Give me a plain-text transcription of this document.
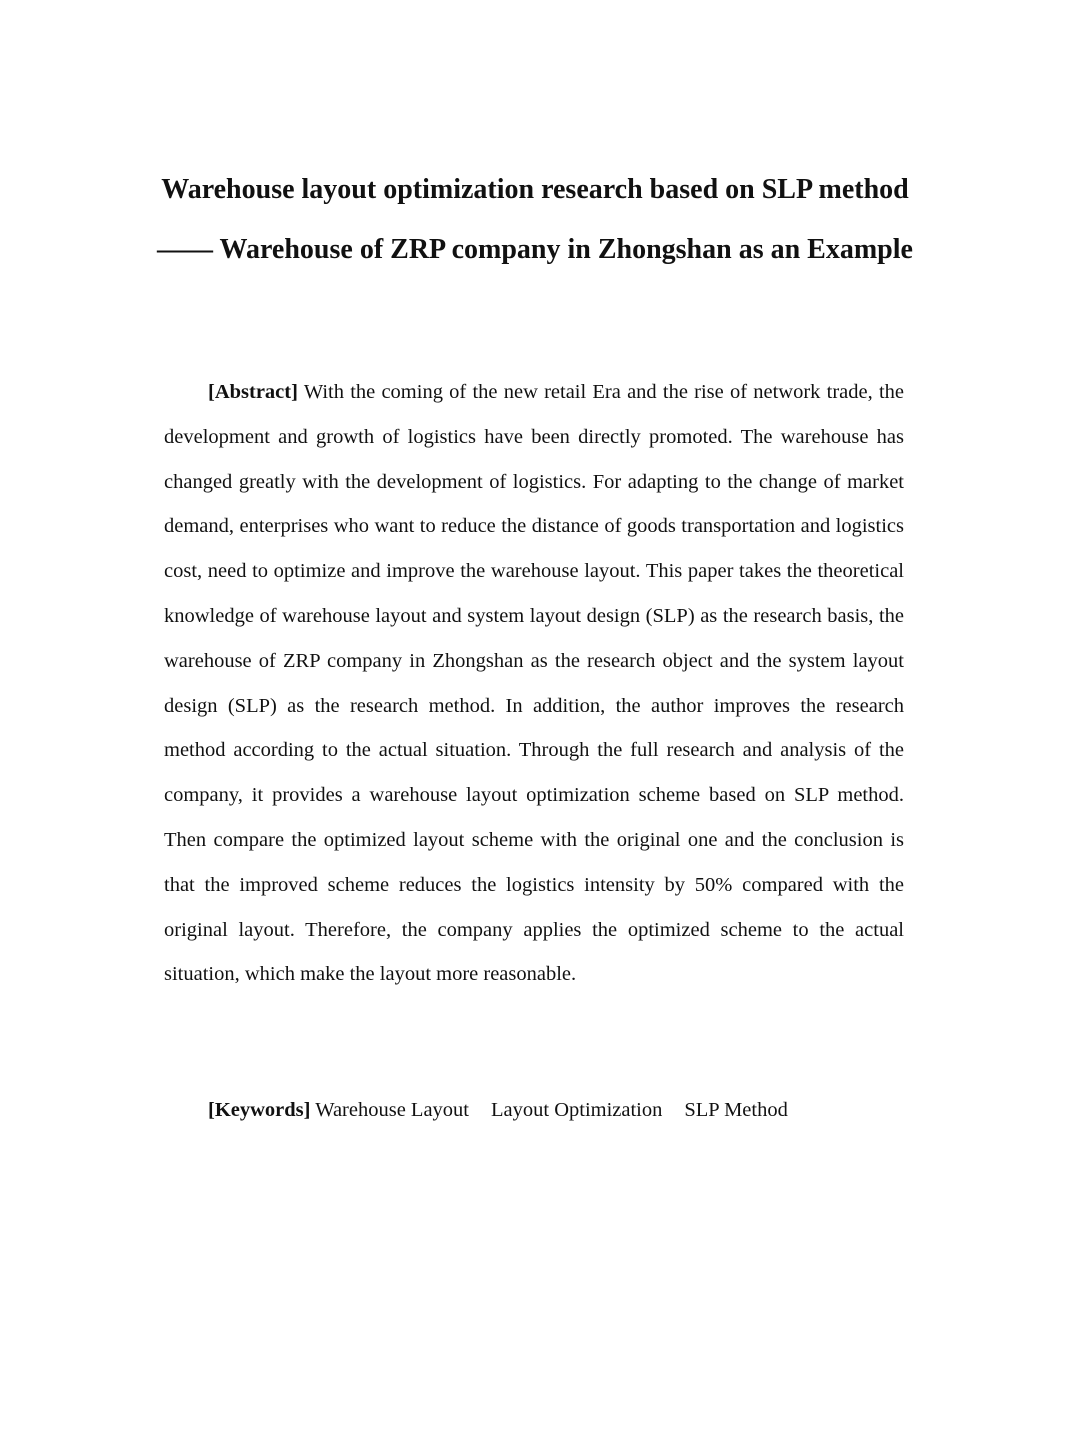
Warehouse layout optimization research based on SLP method—— Warehouse of ZRP company in Zhongshan as an Example

[Abstract] With the coming of the new retail Era and the rise of network trade, the development and growth of logistics have been directly promoted. The warehouse has changed greatly with the development of logistics. For adapting to the change of market demand, enterprises who want to reduce the distance of goods transportation and logistics cost, need to optimize and improve the warehouse layout. This paper takes the theoretical knowledge of warehouse layout and system layout design (SLP) as the research basis, the warehouse of ZRP company in Zhongshan as the research object and the system layout design (SLP) as the research method. In addition, the author improves the research method according to the actual situation. Through the full research and analysis of the company, it provides a warehouse layout optimization scheme based on SLP method. Then compare the optimized layout scheme with the original one and the conclusion is that the improved scheme reduces the logistics intensity by 50% compared with the original layout. Therefore, the company applies the optimized scheme to the actual situation, which make the layout more reasonable.

[Keywords] Warehouse Layout Layout Optimization SLP Method
